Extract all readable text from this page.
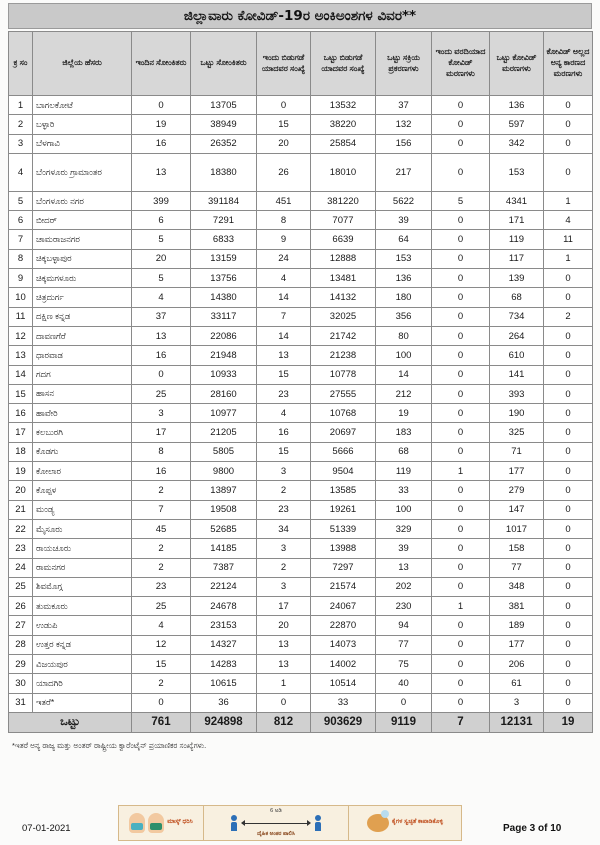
ಜಿಲ್ಲಾವಾರು ಕೋವಿಡ್-19ರ ಅಂಕಿಅಂಶಗಳ ವಿವರ**
ಕ್ರ ಸಂ	ಜಿಲ್ಲೆಯ ಹೆಸರು	ಇಂದಿನ ಸೋಂಕಿತರು	ಒಟ್ಟು ಸೋಂಕಿತರು	ಇಂದು ಬಿಡುಗಡೆ ಯಾದವರ ಸಂಖ್ಯೆ	ಒಟ್ಟು ಬಿಡುಗಡೆ ಯಾದವರ ಸಂಖ್ಯೆ	ಒಟ್ಟು ಸಕ್ರಿಯ ಪ್ರಕರಣಗಳು	ಇಂದು ವರದಿಯಾದ ಕೋವಿಡ್ ಮರಣಗಳು	ಒಟ್ಟು ಕೋವಿಡ್ ಮರಣಗಳು	ಕೋವಿಡ್ ಅಲ್ಲದ ಅನ್ಯ ಕಾರಣದ ಮರಣಗಳು
1	ಬಾಗಲಕೋಟೆ	0	13705	0	13532	37	0	136	0
2	ಬಳ್ಳಾರಿ	19	38949	15	38220	132	0	597	0
3	ಬೆಳಗಾವಿ	16	26352	20	25854	156	0	342	0
4	ಬೆಂಗಳೂರು ಗ್ರಾಮಾಂತರ	13	18380	26	18010	217	0	153	0
5	ಬೆಂಗಳೂರು ನಗರ	399	391184	451	381220	5622	5	4341	1
6	ಬೀದರ್	6	7291	8	7077	39	0	171	4
7	ಚಾಮರಾಜನಗರ	5	6833	9	6639	64	0	119	11
8	ಚಿಕ್ಕಬಳ್ಳಾಪುರ	20	13159	24	12888	153	0	117	1
9	ಚಿಕ್ಕಮಗಳೂರು	5	13756	4	13481	136	0	139	0
10	ಚಿತ್ರದುರ್ಗ	4	14380	14	14132	180	0	68	0
11	ದಕ್ಷಿಣ ಕನ್ನಡ	37	33117	7	32025	356	0	734	2
12	ದಾವಣಗೆರೆ	13	22086	14	21742	80	0	264	0
13	ಧಾರವಾಡ	16	21948	13	21238	100	0	610	0
14	ಗದಗ	0	10933	15	10778	14	0	141	0
15	ಹಾಸನ	25	28160	23	27555	212	0	393	0
16	ಹಾವೇರಿ	3	10977	4	10768	19	0	190	0
17	ಕಲಬುರಗಿ	17	21205	16	20697	183	0	325	0
18	ಕೊಡಗು	8	5805	15	5666	68	0	71	0
19	ಕೋಲಾರ	16	9800	3	9504	119	1	177	0
20	ಕೊಪ್ಪಳ	2	13897	2	13585	33	0	279	0
21	ಮಂಡ್ಯ	7	19508	23	19261	100	0	147	0
22	ಮೈಸೂರು	45	52685	34	51339	329	0	1017	0
23	ರಾಯಚೂರು	2	14185	3	13988	39	0	158	0
24	ರಾಮನಗರ	2	7387	2	7297	13	0	77	0
25	ಶಿವಮೊಗ್ಗ	23	22124	3	21574	202	0	348	0
26	ತುಮಕೂರು	25	24678	17	24067	230	1	381	0
27	ಉಡುಪಿ	4	23153	20	22870	94	0	189	0
28	ಉತ್ತರ ಕನ್ನಡ	12	14327	13	14073	77	0	177	0
29	ವಿಜಯಪುರ	15	14283	13	14002	75	0	206	0
30	ಯಾದಗಿರಿ	2	10615	1	10514	40	0	61	0
31	ಇತರೆ*	0	36	0	33	0	0	3	0
ಒಟ್ಟು		761	924898	812	903629	9119	7	12131	19
*ಇತರೆ ಅನ್ಯ ರಾಜ್ಯ ಮತ್ತು ಅಂತರ್ ರಾಷ್ಟ್ರೀಯ ಕ್ವಾರೆಂಟೈನ್ ಪ್ರಯಾಣಿಕರ ಸಂಖ್ಯೆಗಳು.
ಮಾಸ್ಕ್ ಧರಿಸಿ
6 ಅಡಿ
ದೈಹಿಕ ಅಂತರ ಪಾಲಿಸಿ
ಕೈಗಳ ಸ್ವಚ್ಛತೆ ಕಾಪಾಡಿಕೊಳ್ಳಿ
07-01-2021	Page 3 of 10
